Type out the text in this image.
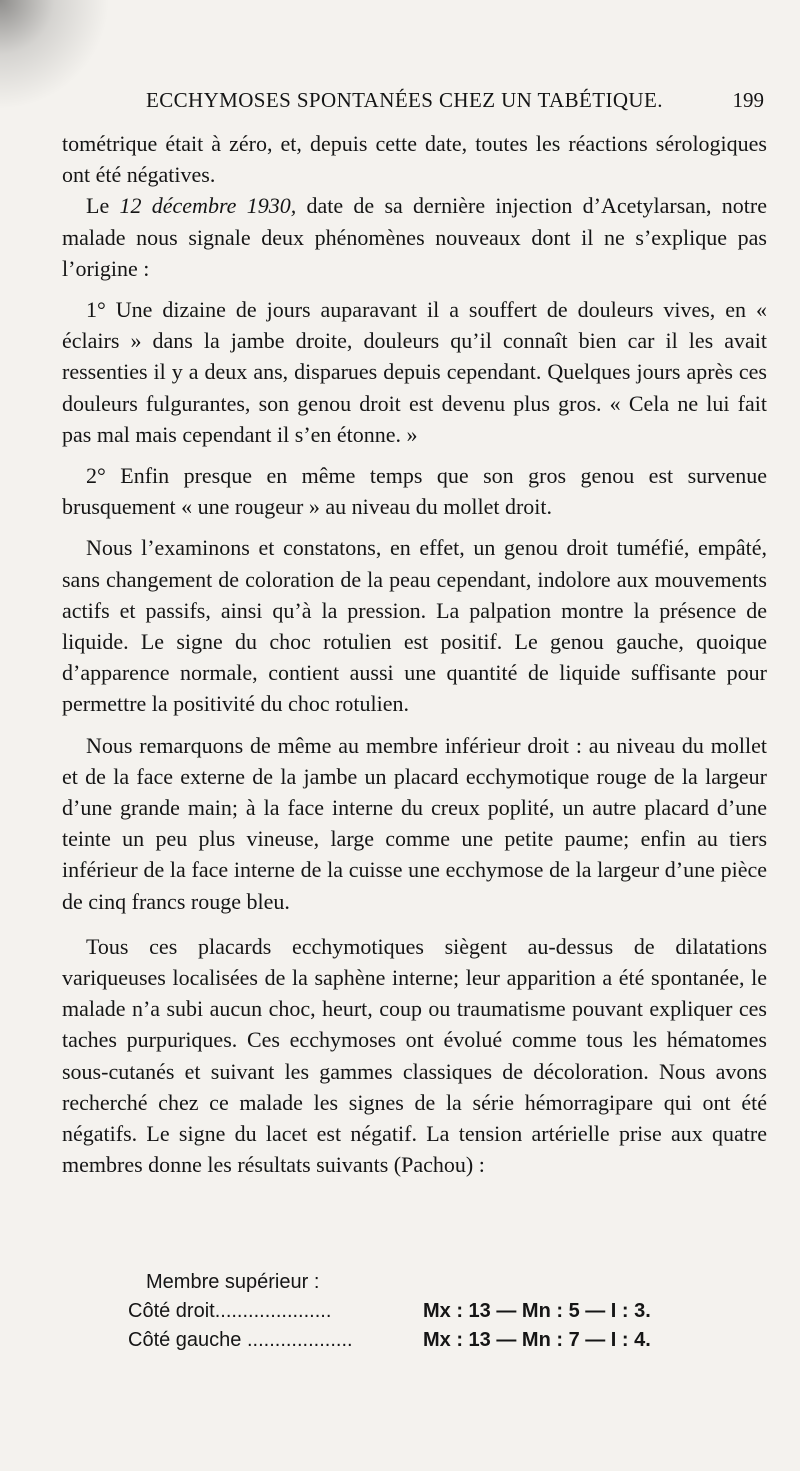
ECCHYMOSES SPONTANÉES CHEZ UN TABÉTIQUE.	199

tométrique était à zéro, et, depuis cette date, toutes les réactions sérologiques ont été négatives.

Le 12 décembre 1930, date de sa dernière injection d’Acetylarsan, notre malade nous signale deux phénomènes nouveaux dont il ne s’explique pas l’origine :

1° Une dizaine de jours auparavant il a souffert de douleurs vives, en « éclairs » dans la jambe droite, douleurs qu’il connaît bien car il les avait ressenties il y a deux ans, disparues depuis cependant. Quelques jours après ces douleurs fulgurantes, son genou droit est devenu plus gros. « Cela ne lui fait pas mal mais cependant il s’en étonne. »

2° Enfin presque en même temps que son gros genou est survenue brusquement « une rougeur » au niveau du mollet droit.

Nous l’examinons et constatons, en effet, un genou droit tuméfié, empâté, sans changement de coloration de la peau cependant, indolore aux mouvements actifs et passifs, ainsi qu’à la pression. La palpation montre la présence de liquide. Le signe du choc rotulien est positif. Le genou gauche, quoique d’apparence normale, contient aussi une quantité de liquide suffisante pour permettre la positivité du choc rotulien.

Nous remarquons de même au membre inférieur droit : au niveau du mollet et de la face externe de la jambe un placard ecchymotique rouge de la largeur d’une grande main; à la face interne du creux poplité, un autre placard d’une teinte un peu plus vineuse, large comme une petite paume; enfin au tiers inférieur de la face interne de la cuisse une ecchymose de la largeur d’une pièce de cinq francs rouge bleu.

Tous ces placards ecchymotiques siègent au-dessus de dilatations variqueuses localisées de la saphène interne; leur apparition a été spontanée, le malade n’a subi aucun choc, heurt, coup ou traumatisme pouvant expliquer ces taches purpuriques. Ces ecchymoses ont évolué comme tous les hématomes sous-cutanés et suivant les gammes classiques de décoloration. Nous avons recherché chez ce malade les signes de la série hémorragipare qui ont été négatifs. Le signe du lacet est négatif. La tension artérielle prise aux quatre membres donne les résultats suivants (Pachou) :

Membre supérieur :
Côté droit.....................	Mx : 13 — Mn : 5 — I : 3.
Côté gauche ...................	Mx : 13 — Mn : 7 — I : 4.
